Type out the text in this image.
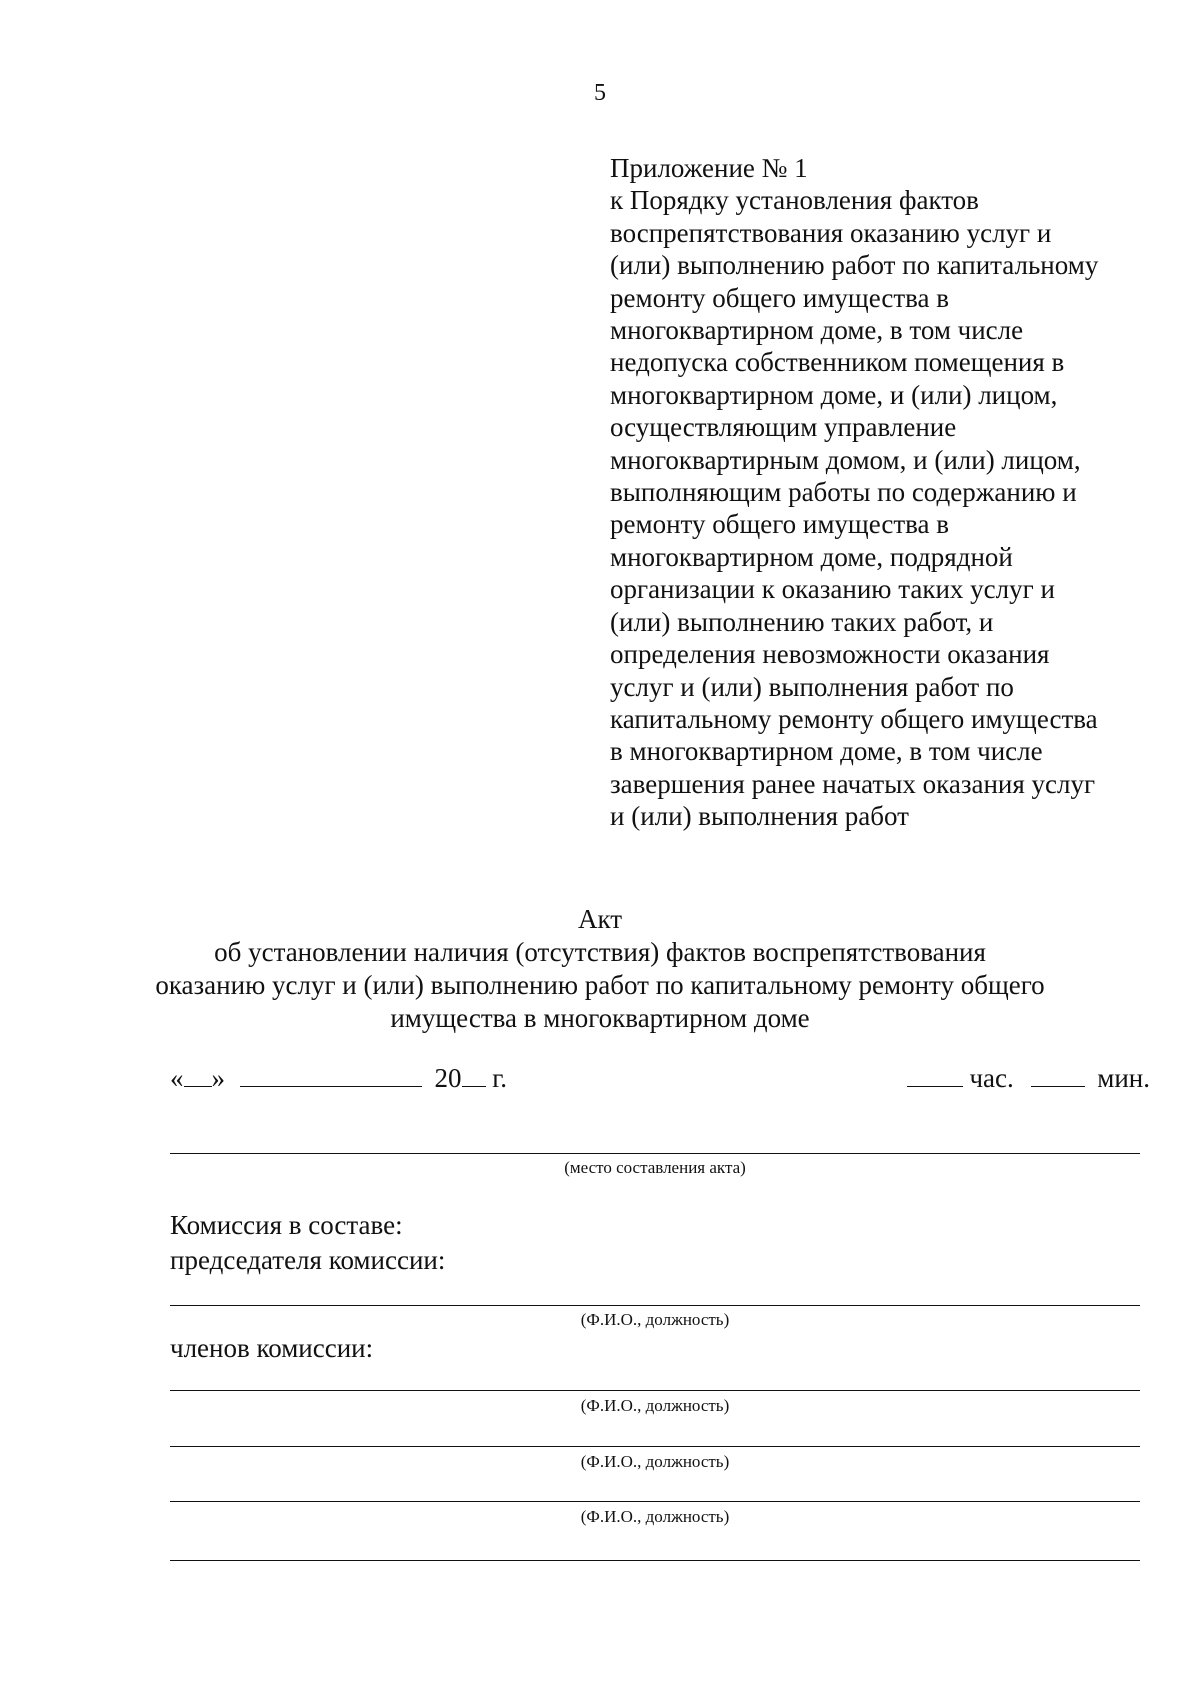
5
Приложение № 1
к Порядку установления фактов
воспрепятствования оказанию услуг и
(или) выполнению работ по капитальному
ремонту общего имущества в
многоквартирном доме, в том числе
недопуска собственником помещения в
многоквартирном доме, и (или) лицом,
осуществляющим управление
многоквартирным домом, и (или) лицом,
выполняющим работы по содержанию и
ремонту общего имущества в
многоквартирном доме, подрядной
организации к оказанию таких услуг и
(или) выполнению таких работ, и
определения невозможности оказания
услуг и (или) выполнения работ по
капитальному ремонту общего имущества
в многоквартирном доме, в том числе
завершения ранее начатых оказания услуг
и (или) выполнения работ
Акт
об установлении наличия (отсутствия) фактов воспрепятствования
оказанию услуг и (или) выполнению работ по капитальному ремонту общего
имущества в многоквартирном доме
« »	20 г.	час.	мин.
(место составления акта)
Комиссия в составе:
председателя комиссии:
(Ф.И.О., должность)
членов комиссии:
(Ф.И.О., должность)
(Ф.И.О., должность)
(Ф.И.О., должность)
